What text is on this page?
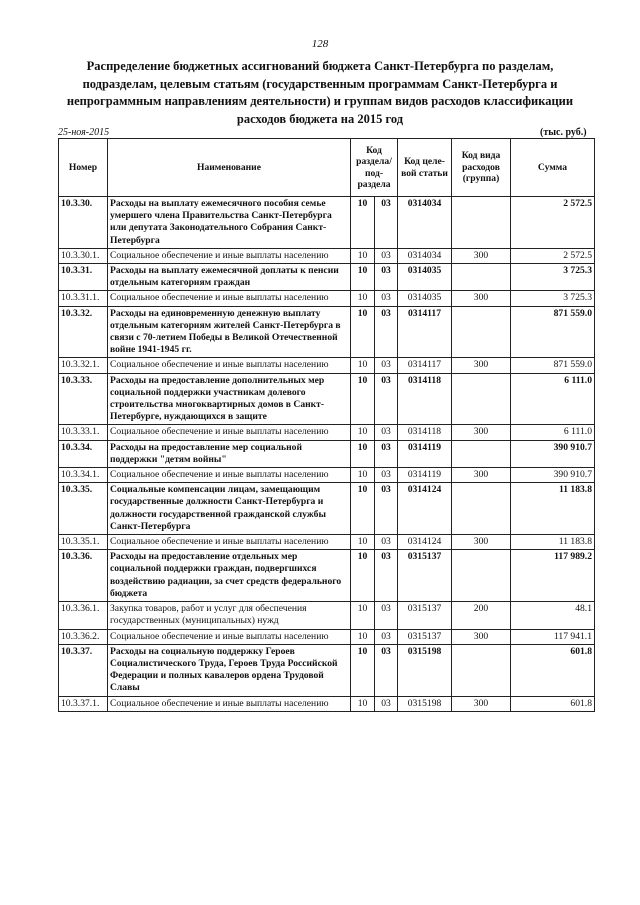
128
Распределение бюджетных ассигнований бюджета Санкт-Петербурга по разделам,
подразделам, целевым статьям (государственным программам Санкт-Петербурга и
непрограммным направлениям деятельности) и группам видов расходов классификации
расходов бюджета на 2015 год
25-ноя-2015	(тыс. руб.)
Номер	Наименование	Код раздела/ под-раздела		Код целе-вой статьи	Код вида расходов (группа)	Сумма
10.3.30.	Расходы на выплату ежемесячного пособия семье умершего члена Правительства Санкт-Петербурга или депутата Законодательного Собрания Санкт-Петербурга	10	03	0314034		2 572.5
10.3.30.1.	Социальное обеспечение и иные выплаты населению	10	03	0314034	300	2 572.5
10.3.31.	Расходы на выплату ежемесячной доплаты к пенсии отдельным категориям граждан	10	03	0314035		3 725.3
10.3.31.1.	Социальное обеспечение и иные выплаты населению	10	03	0314035	300	3 725.3
10.3.32.	Расходы на единовременную денежную выплату отдельным категориям жителей Санкт-Петербурга в связи с 70-летием Победы в Великой Отечественной войне 1941-1945 гг.	10	03	0314117		871 559.0
10.3.32.1.	Социальное обеспечение и иные выплаты населению	10	03	0314117	300	871 559.0
10.3.33.	Расходы на предоставление дополнительных мер социальной поддержки участникам долевого строительства многоквартирных домов в Санкт-Петербурге, нуждающихся в защите	10	03	0314118		6 111.0
10.3.33.1.	Социальное обеспечение и иные выплаты населению	10	03	0314118	300	6 111.0
10.3.34.	Расходы на предоставление мер социальной поддержки "детям войны"	10	03	0314119		390 910.7
10.3.34.1.	Социальное обеспечение и иные выплаты населению	10	03	0314119	300	390 910.7
10.3.35.	Социальные компенсации лицам, замещающим государственные должности Санкт-Петербурга и должности государственной гражданской службы Санкт-Петербурга	10	03	0314124		11 183.8
10.3.35.1.	Социальное обеспечение и иные выплаты населению	10	03	0314124	300	11 183.8
10.3.36.	Расходы на предоставление отдельных мер социальной поддержки граждан, подвергшихся воздействию радиации, за счет средств федерального бюджета	10	03	0315137		117 989.2
10.3.36.1.	Закупка товаров, работ и услуг для обеспечения государственных (муниципальных) нужд	10	03	0315137	200	48.1
10.3.36.2.	Социальное обеспечение и иные выплаты населению	10	03	0315137	300	117 941.1
10.3.37.	Расходы на социальную поддержку Героев Социалистического Труда, Героев Труда Российской Федерации и полных кавалеров ордена Трудовой Славы	10	03	0315198		601.8
10.3.37.1.	Социальное обеспечение и иные выплаты населению	10	03	0315198	300	601.8
